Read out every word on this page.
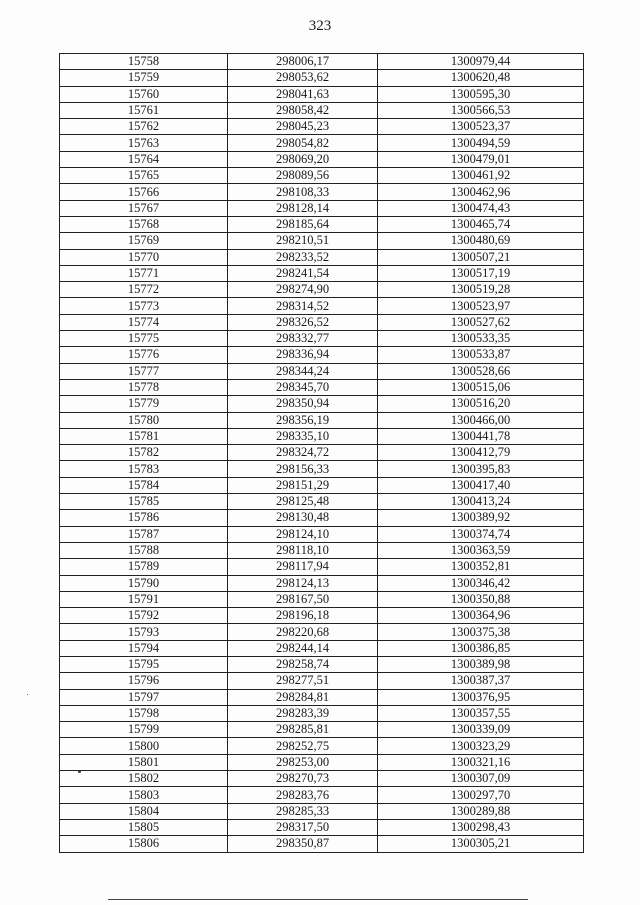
323
15758	298006,17	1300979,44
15759	298053,62	1300620,48
15760	298041,63	1300595,30
15761	298058,42	1300566,53
15762	298045,23	1300523,37
15763	298054,82	1300494,59
15764	298069,20	1300479,01
15765	298089,56	1300461,92
15766	298108,33	1300462,96
15767	298128,14	1300474,43
15768	298185,64	1300465,74
15769	298210,51	1300480,69
15770	298233,52	1300507,21
15771	298241,54	1300517,19
15772	298274,90	1300519,28
15773	298314,52	1300523,97
15774	298326,52	1300527,62
15775	298332,77	1300533,35
15776	298336,94	1300533,87
15777	298344,24	1300528,66
15778	298345,70	1300515,06
15779	298350,94	1300516,20
15780	298356,19	1300466,00
15781	298335,10	1300441,78
15782	298324,72	1300412,79
15783	298156,33	1300395,83
15784	298151,29	1300417,40
15785	298125,48	1300413,24
15786	298130,48	1300389,92
15787	298124,10	1300374,74
15788	298118,10	1300363,59
15789	298117,94	1300352,81
15790	298124,13	1300346,42
15791	298167,50	1300350,88
15792	298196,18	1300364,96
15793	298220,68	1300375,38
15794	298244,14	1300386,85
15795	298258,74	1300389,98
15796	298277,51	1300387,37
15797	298284,81	1300376,95
15798	298283,39	1300357,55
15799	298285,81	1300339,09
15800	298252,75	1300323,29
15801	298253,00	1300321,16
15802	298270,73	1300307,09
15803	298283,76	1300297,70
15804	298285,33	1300289,88
15805	298317,50	1300298,43
15806	298350,87	1300305,21
